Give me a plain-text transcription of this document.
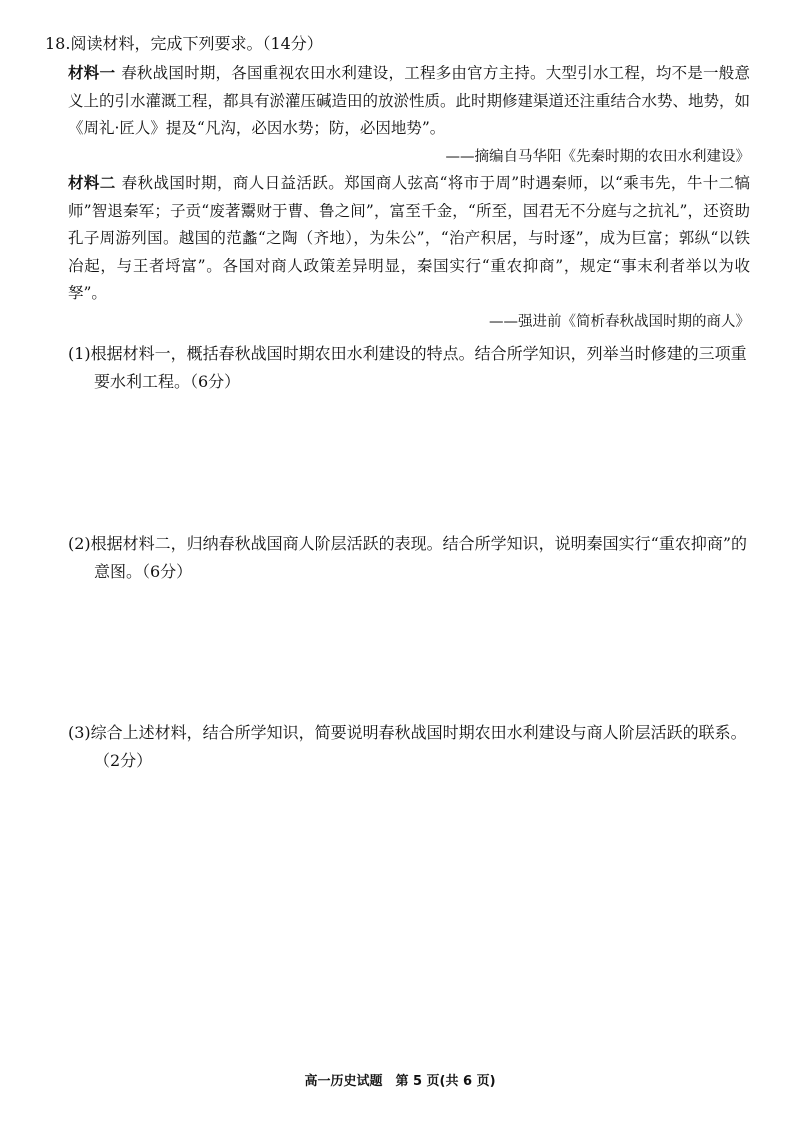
18.阅读材料，完成下列要求。（14分）
材料一 春秋战国时期，各国重视农田水利建设，工程多由官方主持。大型引水工程，均不是一般意义上的引水灌溉工程，都具有淤灌压碱造田的放淤性质。此时期修建渠道还注重结合水势、地势，如《周礼·匠人》提及“凡沟，必因水势；防，必因地势”。
——摘编自马华阳《先秦时期的农田水利建设》
材料二 春秋战国时期，商人日益活跃。郑国商人弦高“将市于周”时遇秦师，以“乘韦先，牛十二犒师”智退秦军；子贡“废著鬻财于曹、鲁之间”，富至千金，“所至，国君无不分庭与之抗礼”，还资助孔子周游列国。越国的范蠡“之陶（齐地），为朱公”，“治产积居，与时逐”，成为巨富；郭纵“以铁冶起，与王者埒富”。各国对商人政策差异明显，秦国实行“重农抑商”，规定“事末利者举以为收孥”。
——强进前《简析春秋战国时期的商人》
(1)根据材料一，概括春秋战国时期农田水利建设的特点。结合所学知识，列举当时修建的三项重要水利工程。（6分）
(2)根据材料二，归纳春秋战国商人阶层活跃的表现。结合所学知识，说明秦国实行“重农抑商”的意图。（6分）
(3)综合上述材料，结合所学知识，简要说明春秋战国时期农田水利建设与商人阶层活跃的联系。（2分）
高一历史试题　第 5 页(共 6 页)
